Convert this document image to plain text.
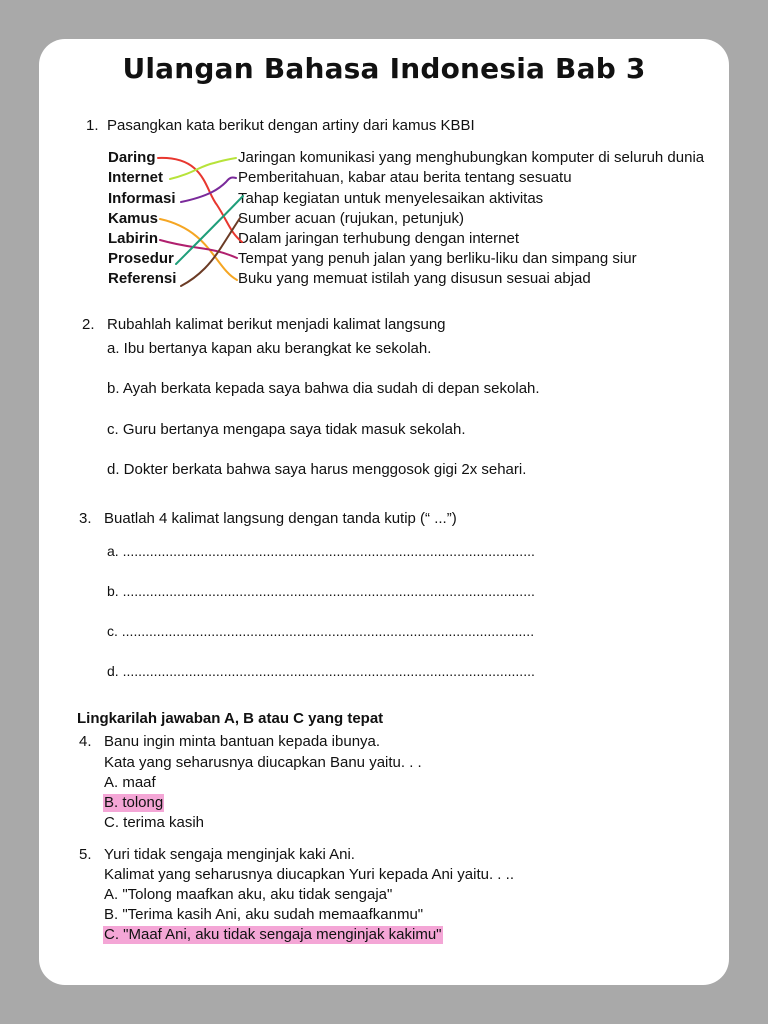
Ulangan Bahasa Indonesia Bab 3
1. Pasangkan kata berikut dengan artiny dari kamus KBBI
Daring
Internet
Informasi
Kamus
Labirin
Prosedur
Referensi
Jaringan komunikasi yang menghubungkan komputer di seluruh dunia
Pemberitahuan, kabar atau berita tentang sesuatu
Tahap kegiatan untuk menyelesaikan aktivitas
Sumber acuan (rujukan, petunjuk)
Dalam jaringan terhubung dengan internet
Tempat yang penuh jalan yang berliku-liku dan simpang siur
Buku yang memuat istilah yang disusun sesuai abjad
2. Rubahlah kalimat berikut menjadi kalimat langsung
a. Ibu bertanya kapan aku berangkat ke sekolah.
b. Ayah berkata kepada saya bahwa dia sudah di depan sekolah.
c. Guru bertanya mengapa saya tidak masuk sekolah.
d. Dokter berkata bahwa saya harus menggosok gigi 2x sehari.
3. Buatlah 4 kalimat langsung dengan tanda kutip (“ ...”)
a. ..........................................................................................................
b. ..........................................................................................................
c. ..........................................................................................................
d. ..........................................................................................................
Lingkarilah jawaban A, B atau C yang tepat
4. Banu ingin minta bantuan kepada ibunya.
Kata yang seharusnya diucapkan Banu yaitu. . .
A. maaf
B. tolong
C. terima kasih
5. Yuri tidak sengaja menginjak kaki Ani.
Kalimat yang seharusnya diucapkan Yuri kepada Ani yaitu. . ..
A. "Tolong maafkan aku, aku tidak sengaja"
B. "Terima kasih Ani, aku sudah memaafkanmu"
C. "Maaf Ani, aku tidak sengaja menginjak kakimu"
